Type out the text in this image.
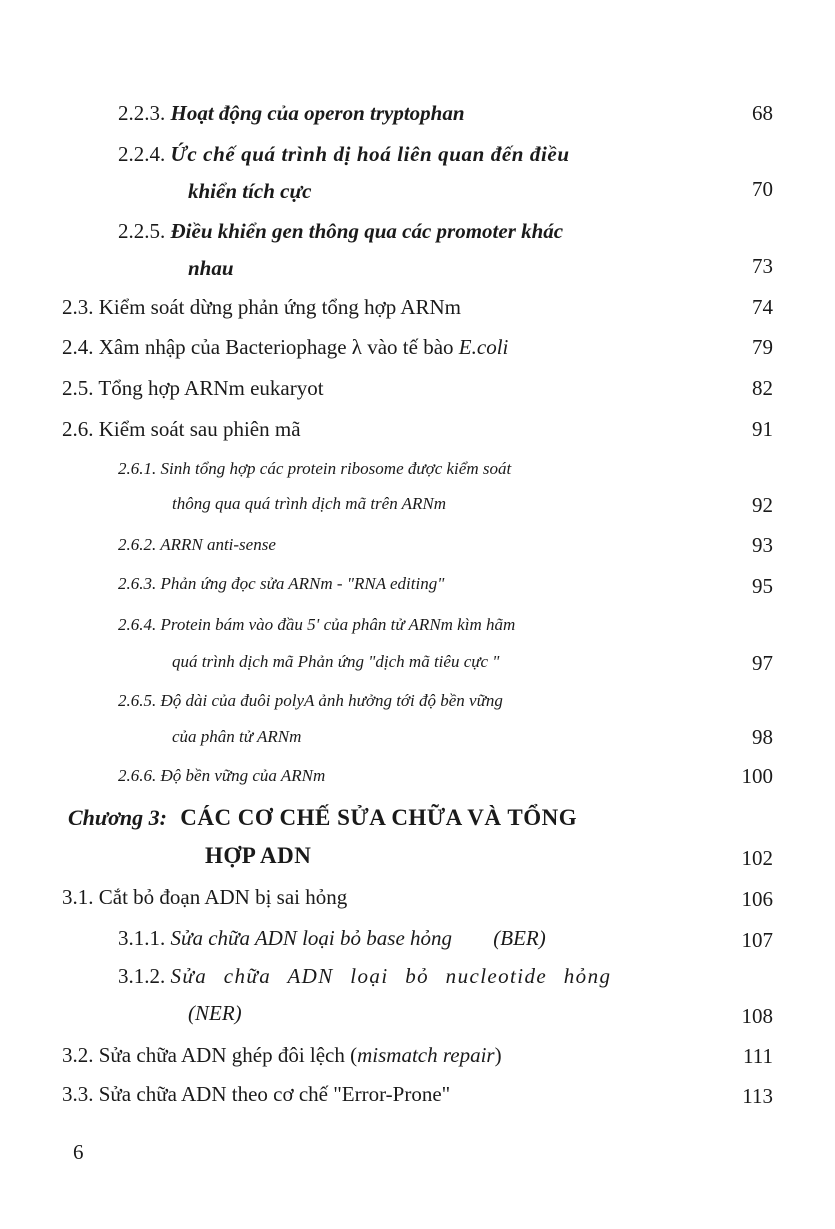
2.2.3. Hoạt động của operon tryptophan	68
2.2.4. Ức chế quá trình dị hoá liên quan đến điều
khiển tích cực	70
2.2.5. Điều khiển gen thông qua các promoter khác
nhau	73
2.3. Kiểm soát dừng phản ứng tổng hợp ARNm	74
2.4. Xâm nhập của Bacteriophage λ vào tế bào E.coli	79
2.5. Tổng hợp ARNm eukaryot	82
2.6. Kiểm soát sau phiên mã	91
2.6.1. Sinh tổng hợp các protein ribosome được kiểm soát
thông qua quá trình dịch mã trên ARNm	92
2.6.2. ARRN anti-sense	93
2.6.3. Phản ứng đọc sửa ARNm - "RNA editing"	95
2.6.4. Protein bám vào đầu 5' của phân tử ARNm kìm hãm
quá trình dịch mã Phản ứng "dịch mã tiêu cực "	97
2.6.5. Độ dài của đuôi polyA ảnh hưởng tới độ bền vững
của phân tử ARNm	98
2.6.6. Độ bền vững của ARNm	100
Chương 3: CÁC CƠ CHẾ SỬA CHỮA VÀ TỔNG
HỢP ADN	102
3.1. Cắt bỏ đoạn ADN bị sai hỏng	106
3.1.1. Sửa chữa ADN loại bỏ base hỏng (BER)	107
3.1.2. Sửa chữa ADN loại bỏ nucleotide hỏng
(NER)	108
3.2. Sửa chữa ADN ghép đôi lệch (mismatch repair)	111
3.3. Sửa chữa ADN theo cơ chế "Error-Prone"	113
6
